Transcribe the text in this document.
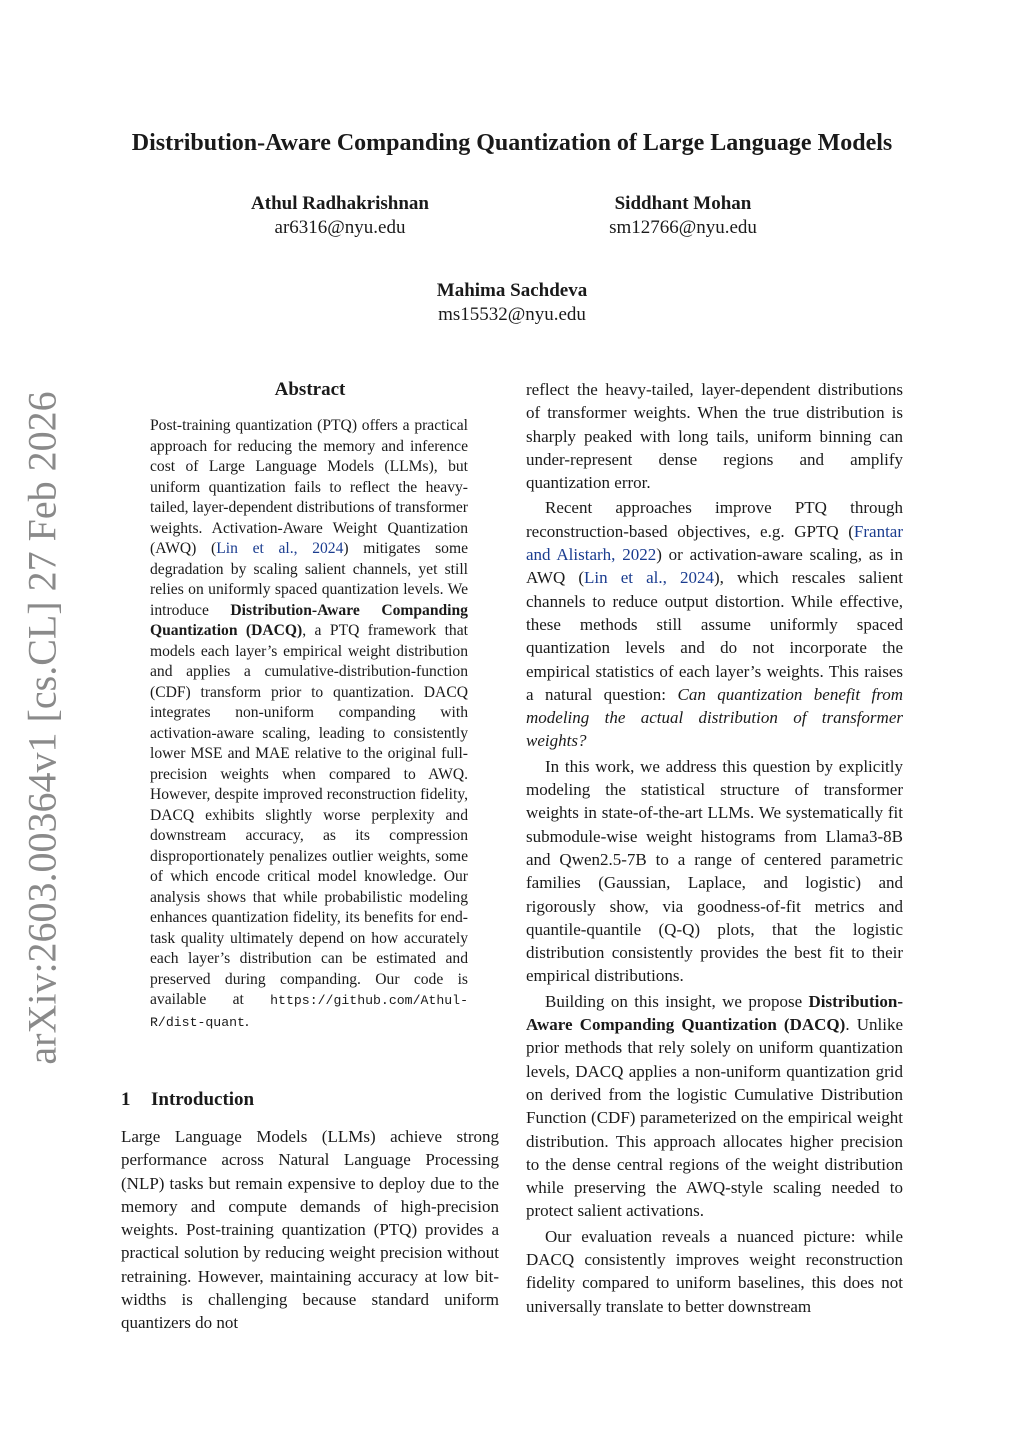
arXiv:2603.00364v1 [cs.CL] 27 Feb 2026
Distribution-Aware Companding Quantization of Large Language Models
Athul Radhakrishnan
ar6316@nyu.edu
Siddhant Mohan
sm12766@nyu.edu
Mahima Sachdeva
ms15532@nyu.edu
Abstract
Post-training quantization (PTQ) offers a practical approach for reducing the memory and inference cost of Large Language Models (LLMs), but uniform quantization fails to reflect the heavy-tailed, layer-dependent distributions of transformer weights. Activation-Aware Weight Quantization (AWQ) (Lin et al., 2024) mitigates some degradation by scaling salient channels, yet still relies on uniformly spaced quantization levels. We introduce Distribution-Aware Companding Quantization (DACQ), a PTQ framework that models each layer’s empirical weight distribution and applies a cumulative-distribution-function (CDF) transform prior to quantization. DACQ integrates non-uniform companding with activation-aware scaling, leading to consistently lower MSE and MAE relative to the original full-precision weights when compared to AWQ. However, despite improved reconstruction fidelity, DACQ exhibits slightly worse perplexity and downstream accuracy, as its compression disproportionately penalizes outlier weights, some of which encode critical model knowledge. Our analysis shows that while probabilistic modeling enhances quantization fidelity, its benefits for end-task quality ultimately depend on how accurately each layer’s distribution can be estimated and preserved during companding. Our code is available at https://github.com/Athul-R/dist-quant.
1 Introduction

Large Language Models (LLMs) achieve strong performance across Natural Language Processing (NLP) tasks but remain expensive to deploy due to the memory and compute demands of high-precision weights. Post-training quantization (PTQ) provides a practical solution by reducing weight precision without retraining. However, maintaining accuracy at low bit-widths is challenging because standard uniform quantizers do not

reflect the heavy-tailed, layer-dependent distributions of transformer weights. When the true distribution is sharply peaked with long tails, uniform binning can under-represent dense regions and amplify quantization error.

Recent approaches improve PTQ through reconstruction-based objectives, e.g. GPTQ (Frantar and Alistarh, 2022) or activation-aware scaling, as in AWQ (Lin et al., 2024), which rescales salient channels to reduce output distortion. While effective, these methods still assume uniformly spaced quantization levels and do not incorporate the empirical statistics of each layer’s weights. This raises a natural question: Can quantization benefit from modeling the actual distribution of transformer weights?

In this work, we address this question by explicitly modeling the statistical structure of transformer weights in state-of-the-art LLMs. We systematically fit submodule-wise weight histograms from Llama3-8B and Qwen2.5-7B to a range of centered parametric families (Gaussian, Laplace, and logistic) and rigorously show, via goodness-of-fit metrics and quantile-quantile (Q-Q) plots, that the logistic distribution consistently provides the best fit to their empirical distributions.

Building on this insight, we propose Distribution-Aware Companding Quantization (DACQ). Unlike prior methods that rely solely on uniform quantization levels, DACQ applies a non-uniform quantization grid on derived from the logistic Cumulative Distribution Function (CDF) parameterized on the empirical weight distribution. This approach allocates higher precision to the dense central regions of the weight distribution while preserving the AWQ-style scaling needed to protect salient activations.

Our evaluation reveals a nuanced picture: while DACQ consistently improves weight reconstruction fidelity compared to uniform baselines, this does not universally translate to better downstream
